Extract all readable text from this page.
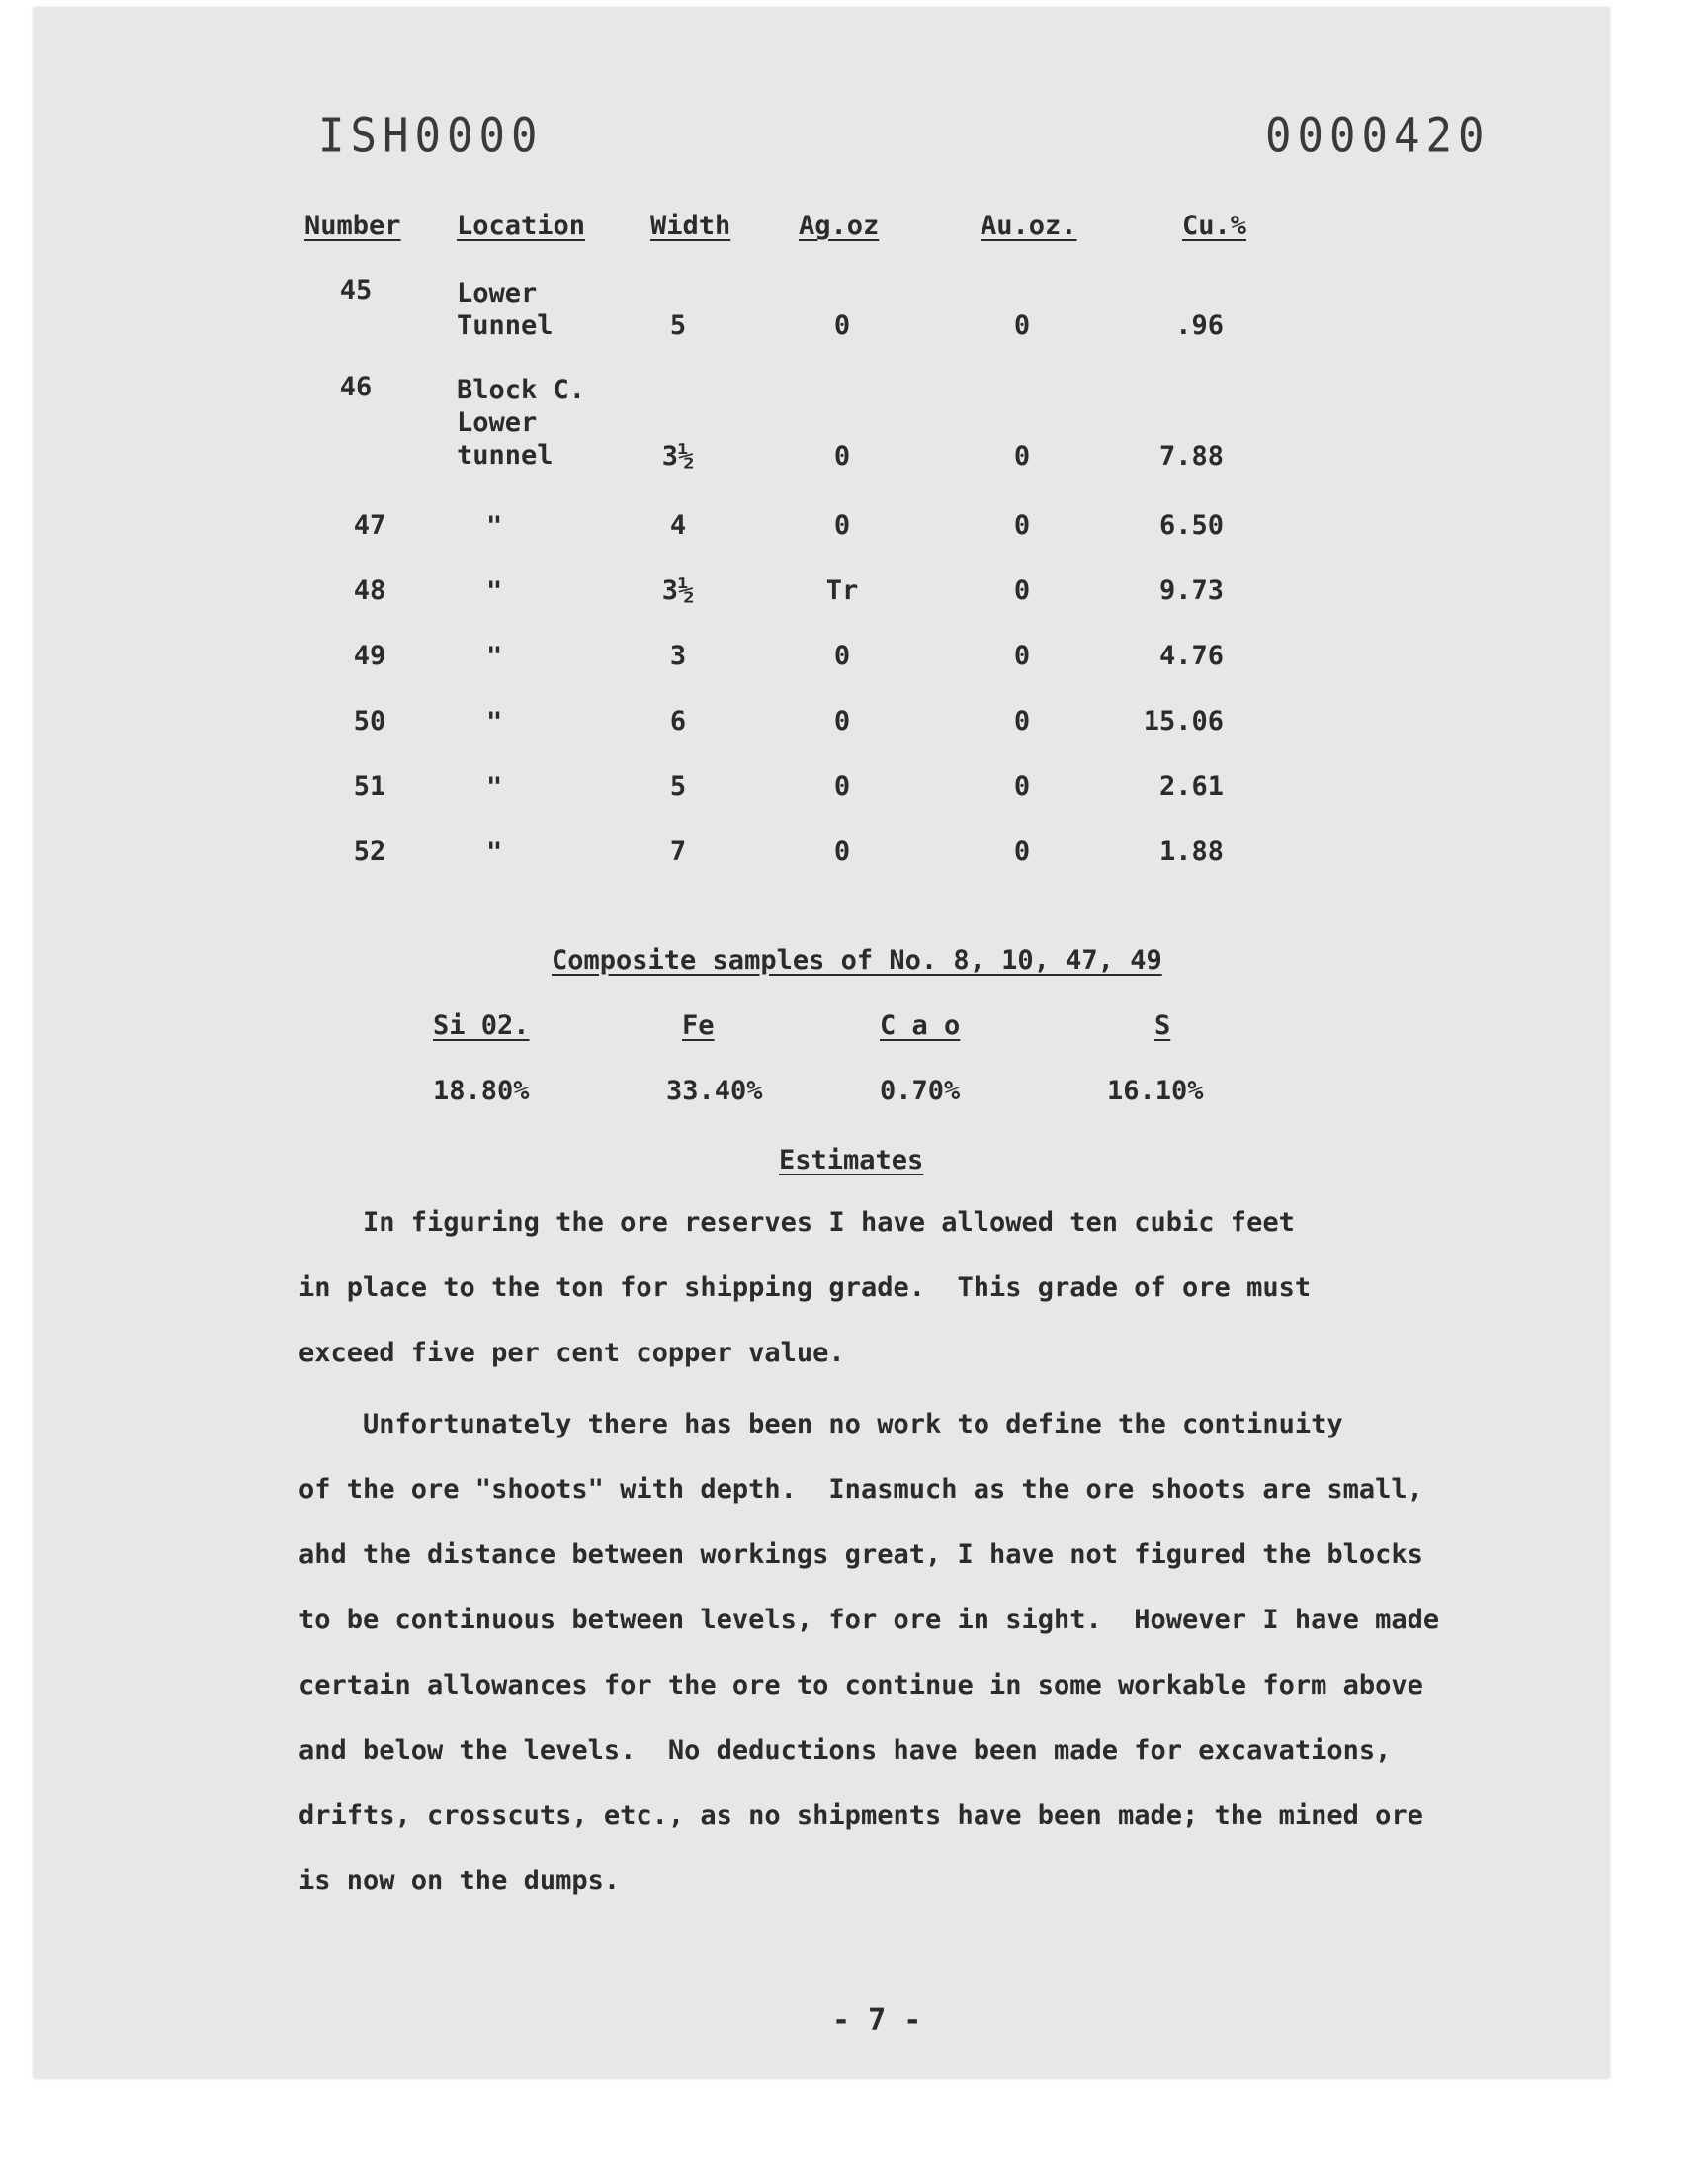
ISH0000	0000420
Number Location Width	Ag.oz	Au.oz.	Cu.%
45	Lower
Tunnel	5	0	0	.96
46	Block C.
Lower
tunnel	3½	0	0	7.88
47	"	4	0	0	6.50
48	"	3½	Tr	0	9.73
49	"	3	0	0	4.76
50	"	6	0	0	15.06
51	"	5	0	0	2.61
52	"	7	0	0	1.88
Composite samples of No. 8, 10, 47, 49
Si 02.	Fe	C a o	S
18.80%	33.40%	0.70%	16.10%
Estimates

In figuring the ore reserves I have allowed ten cubic feet
in place to the ton for shipping grade.  This grade of ore must
exceed five per cent copper value.

Unfortunately there has been no work to define the continuity
of the ore "shoots" with depth.  Inasmuch as the ore shoots are small,
ahd the distance between workings great, I have not figured the blocks
to be continuous between levels, for ore in sight.  However I have made
certain allowances for the ore to continue in some workable form above
and below the levels.  No deductions have been made for excavations,
drifts, crosscuts, etc., as no shipments have been made; the mined ore
is now on the dumps.

- 7 -
